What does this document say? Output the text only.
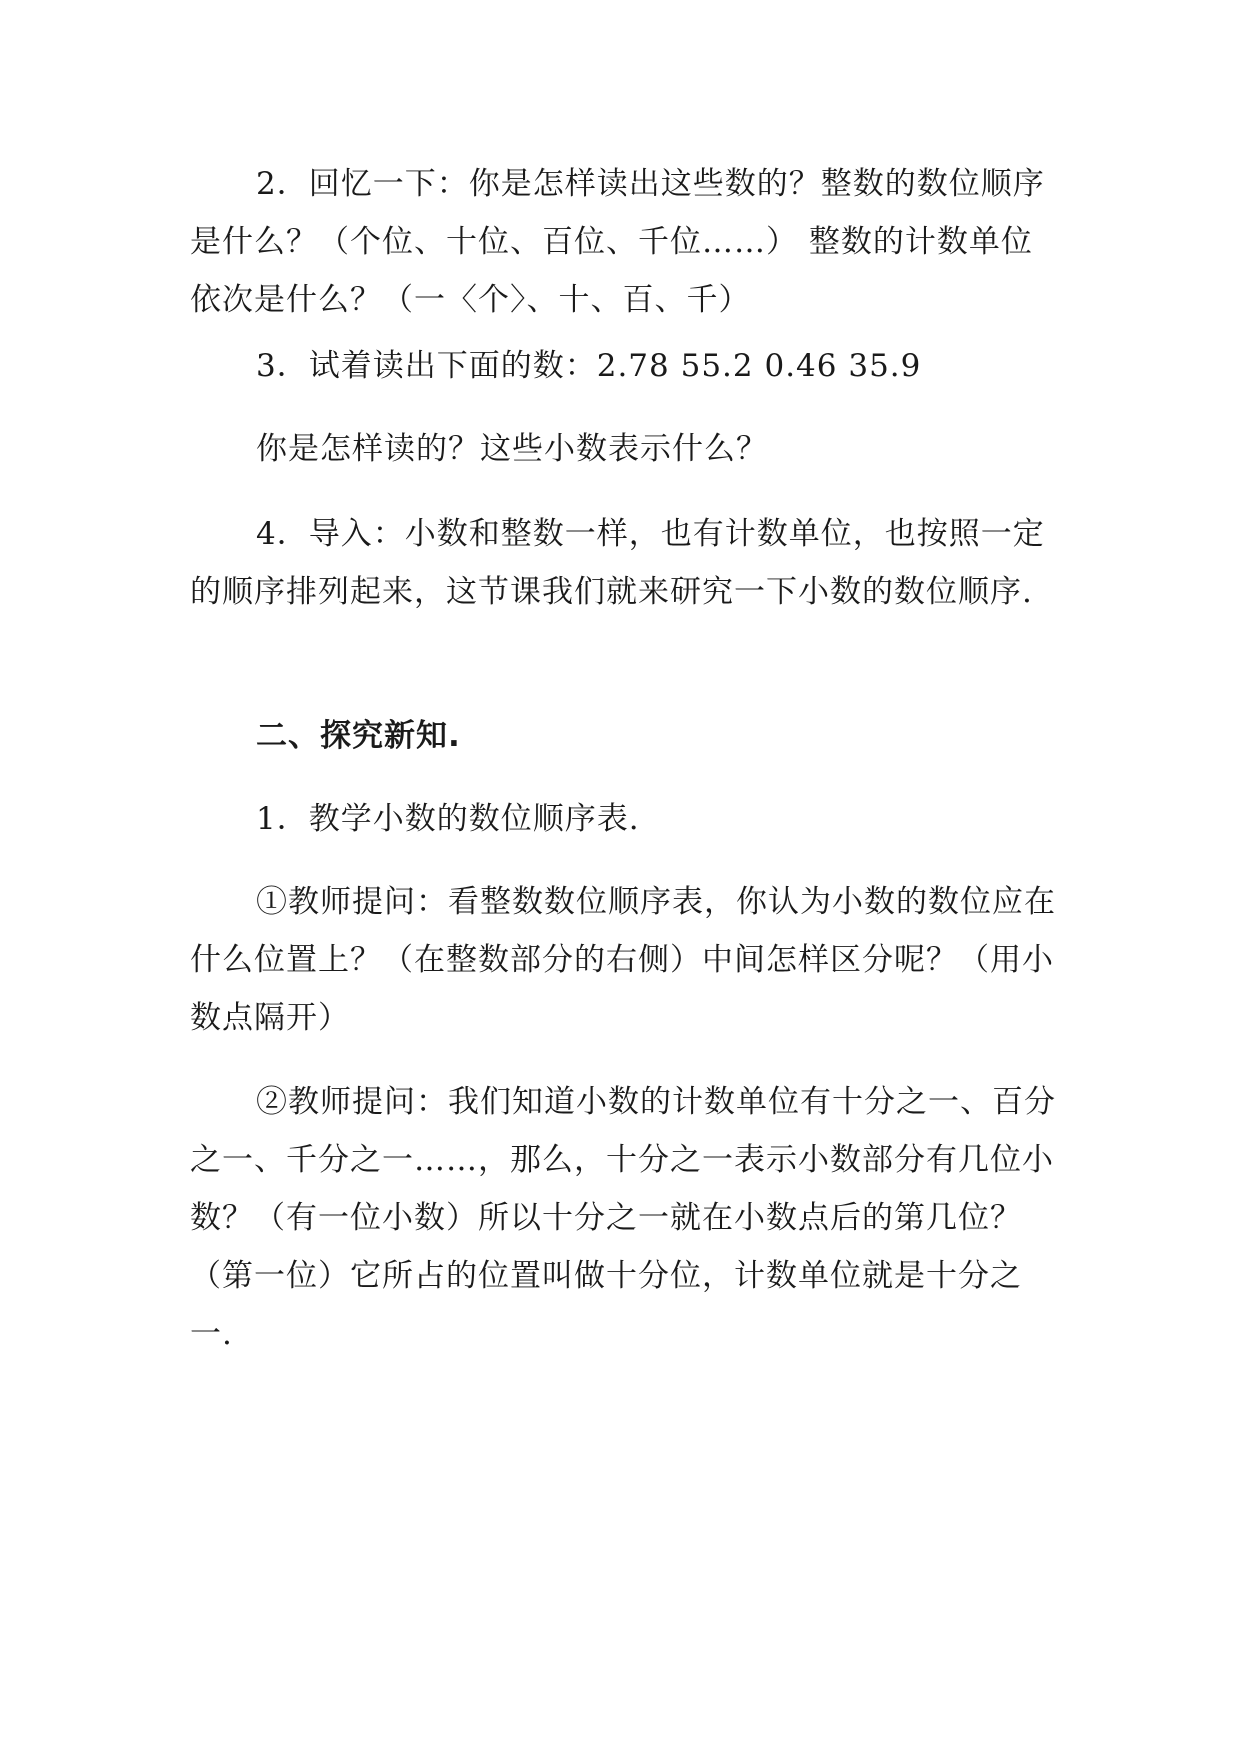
2．回忆一下：你是怎样读出这些数的？整数的数位顺序是什么？（个位、十位、百位、千位……） 整数的计数单位依次是什么？（一〈个〉、十、百、千）

3．试着读出下面的数：2.78 55.2 0.46 35.9

你是怎样读的？这些小数表示什么？

4．导入：小数和整数一样，也有计数单位，也按照一定的顺序排列起来，这节课我们就来研究一下小数的数位顺序.

二、探究新知.

1．教学小数的数位顺序表.

①教师提问：看整数数位顺序表，你认为小数的数位应在什么位置上？（在整数部分的右侧）中间怎样区分呢？（用小数点隔开）

②教师提问：我们知道小数的计数单位有十分之一、百分之一、千分之一……，那么，十分之一表示小数部分有几位小数？（有一位小数）所以十分之一就在小数点后的第几位？（第一位）它所占的位置叫做十分位，计数单位就是十分之一.
